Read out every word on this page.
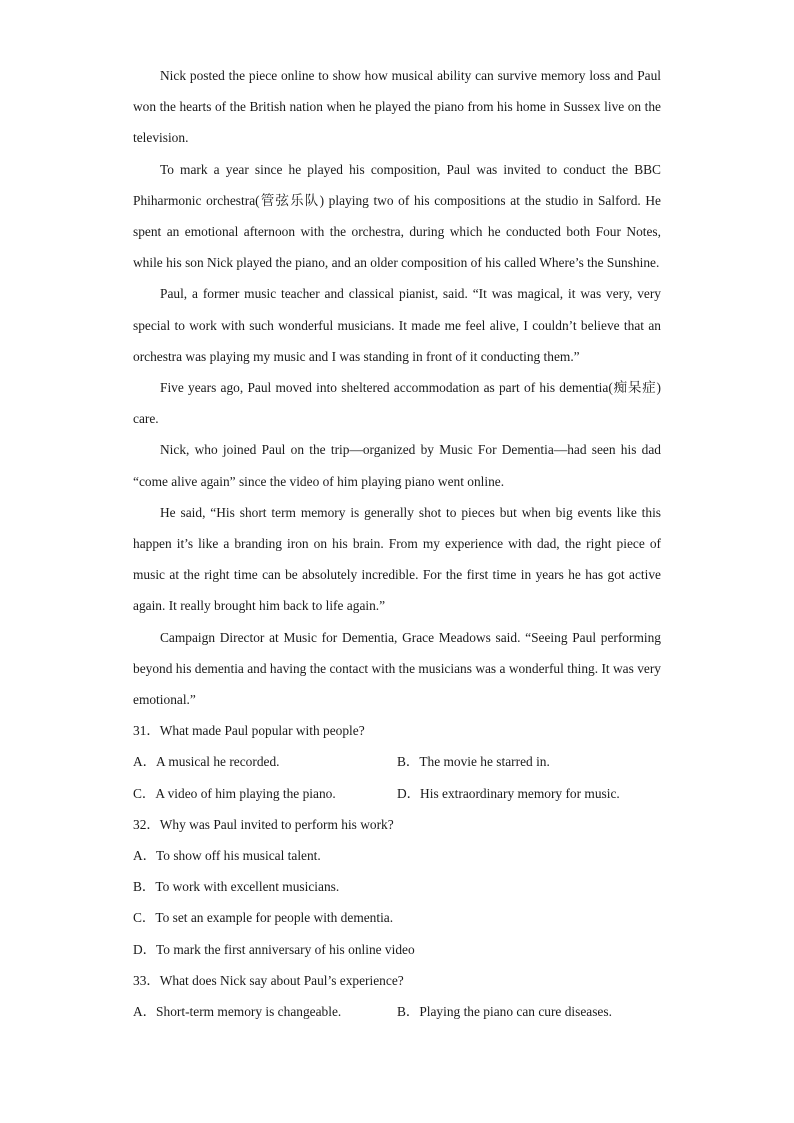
Nick posted the piece online to show how musical ability can survive memory loss and Paul won the hearts of the British nation when he played the piano from his home in Sussex live on the television.

To mark a year since he played his composition, Paul was invited to conduct the BBC Phiharmonic orchestra(管弦乐队) playing two of his compositions at the studio in Salford. He spent an emotional afternoon with the orchestra, during which he conducted both Four Notes, while his son Nick played the piano, and an older composition of his called Where’s the Sunshine.

Paul, a former music teacher and classical pianist, said. “It was magical, it was very, very special to work with such wonderful musicians. It made me feel alive, I couldn’t believe that an orchestra was playing my music and I was standing in front of it conducting them.”

Five years ago, Paul moved into sheltered accommodation as part of his dementia(痴呆症) care.

Nick, who joined Paul on the trip—organized by Music For Dementia—had seen his dad “come alive again” since the video of him playing piano went online.

He said, “His short term memory is generally shot to pieces but when big events like this happen it’s like a branding iron on his brain. From my experience with dad, the right piece of music at the right time can be absolutely incredible. For the first time in years he has got active again. It really brought him back to life again.”

Campaign Director at Music for Dementia, Grace Meadows said. “Seeing Paul performing beyond his dementia and having the contact with the musicians was a wonderful thing. It was very emotional.”

31．What made Paul popular with people?

A．A musical he recorded.	B．The movie he starred in.
C．A video of him playing the piano.	D．His extraordinary memory for music.

32．Why was Paul invited to perform his work?

A．To show off his musical talent.
B．To work with excellent musicians.
C．To set an example for people with dementia.
D．To mark the first anniversary of his online video

33．What does Nick say about Paul’s experience?

A．Short-term memory is changeable.	B．Playing the piano can cure diseases.
